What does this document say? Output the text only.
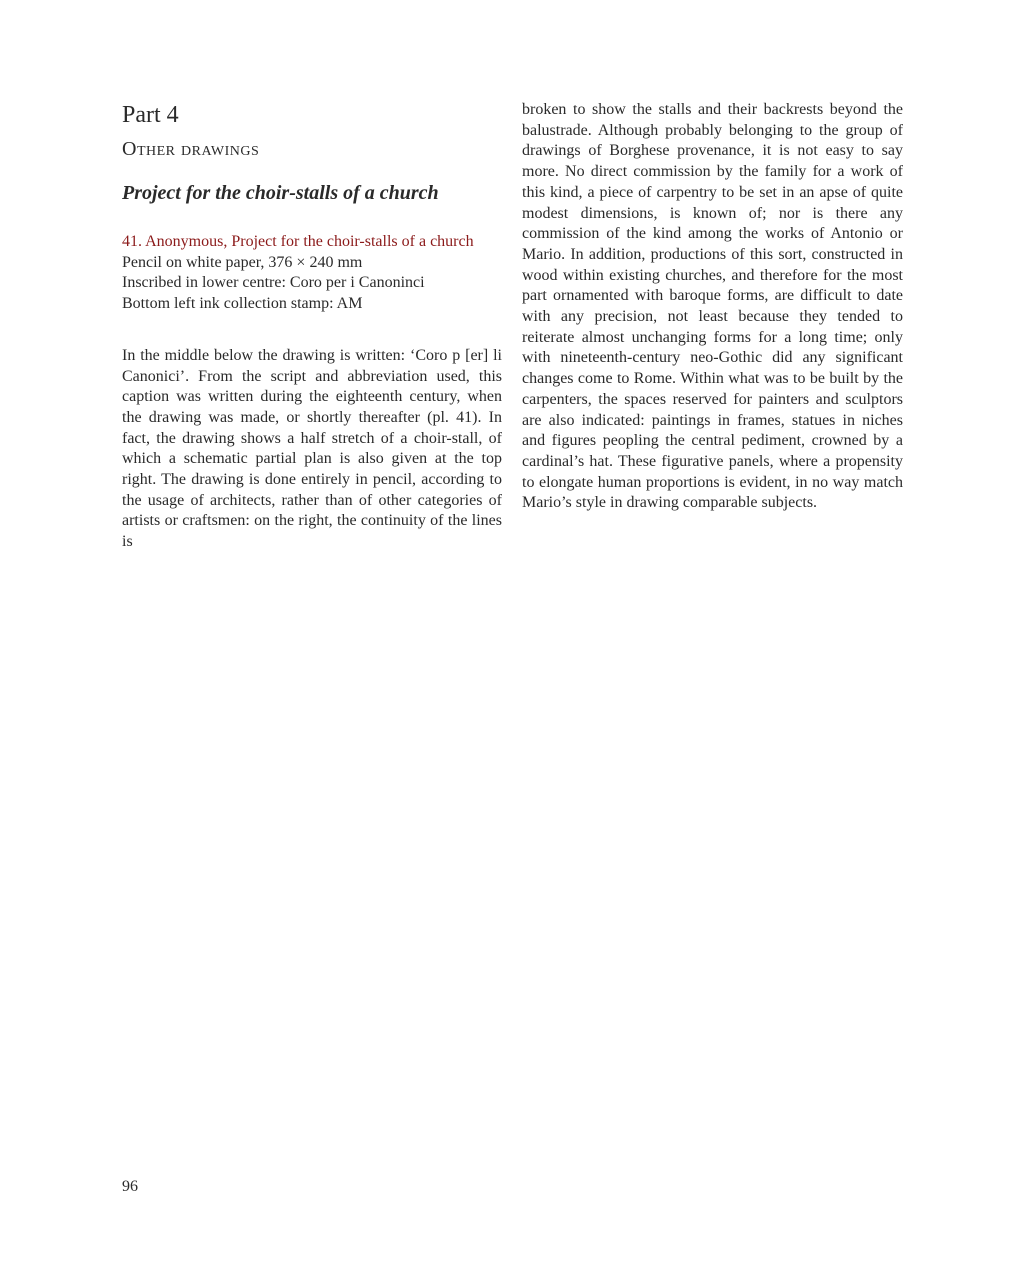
Part 4
Other drawings
Project for the choir-stalls of a church

41. Anonymous, Project for the choir-stalls of a church

Pencil on white paper, 376 × 240 mm

Inscribed in lower centre: Coro per i Canoninci

Bottom left ink collection stamp: AM

In the middle below the drawing is written: ‘Coro p [er] li Canonici’. From the script and abbreviation used, this caption was written during the eighteenth century, when the drawing was made, or shortly thereafter (pl. 41). In fact, the drawing shows a half stretch of a choir-stall, of which a schematic partial plan is also given at the top right. The drawing is done entirely in pencil, according to the usage of architects, rather than of other categories of artists or craftsmen: on the right, the continuity of the lines is

broken to show the stalls and their backrests beyond the balustrade. Although probably belonging to the group of drawings of Borghese provenance, it is not easy to say more. No direct commission by the family for a work of this kind, a piece of carpentry to be set in an apse of quite modest dimensions, is known of; nor is there any commission of the kind among the works of Antonio or Mario. In addition, productions of this sort, constructed in wood within existing churches, and therefore for the most part ornamented with baroque forms, are difficult to date with any precision, not least because they tended to reiterate almost unchanging forms for a long time; only with nineteenth-century neo-Gothic did any significant changes come to Rome. Within what was to be built by the carpenters, the spaces reserved for painters and sculptors are also indicated: paintings in frames, statues in niches and figures peopling the central pediment, crowned by a cardinal’s hat. These figurative panels, where a propensity to elongate human proportions is evident, in no way match Mario’s style in drawing comparable subjects.

96
